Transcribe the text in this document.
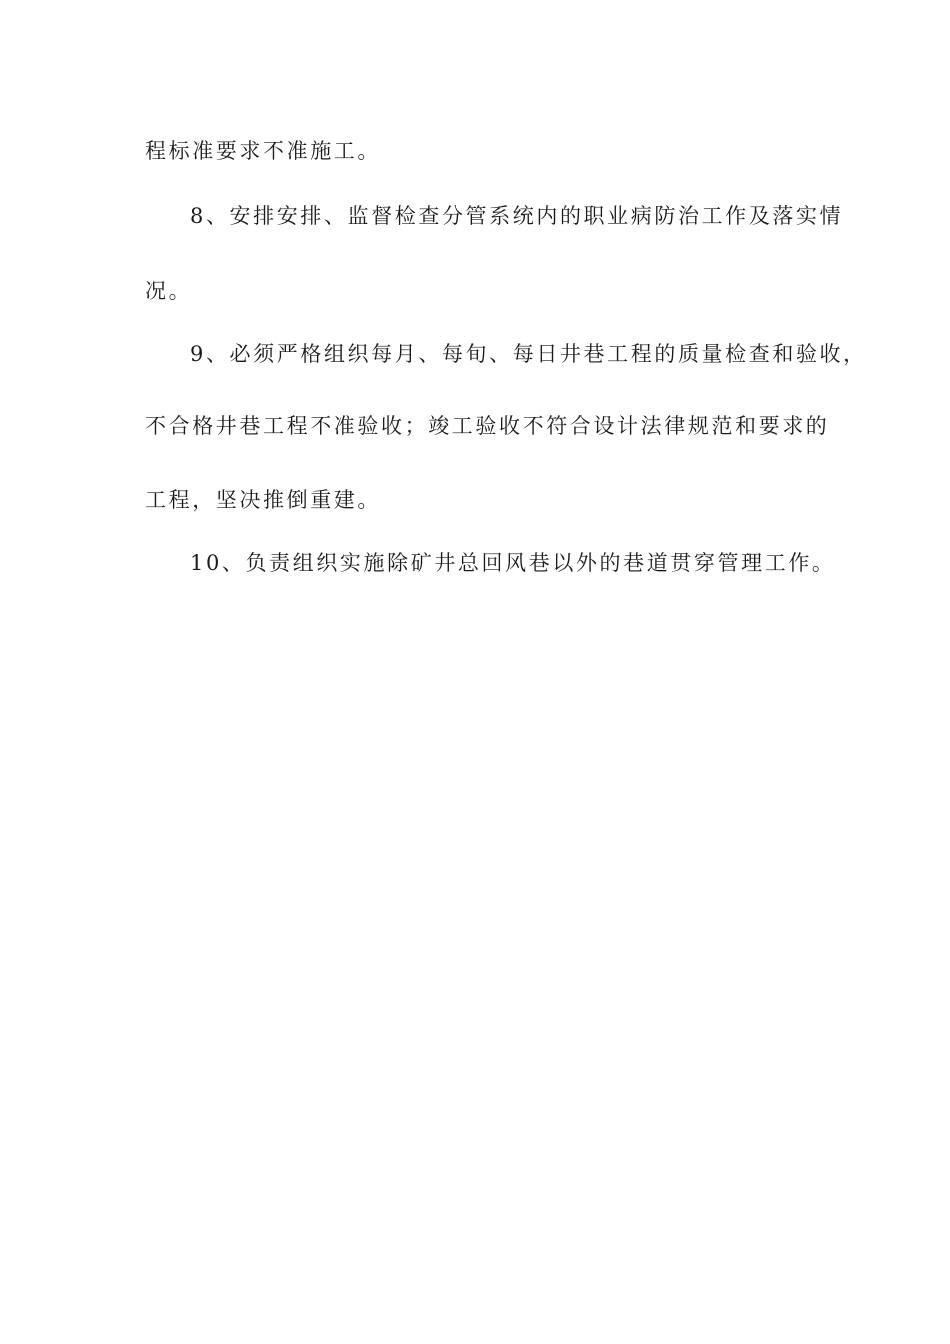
程标准要求不准施工。
8、安排安排、监督检查分管系统内的职业病防治工作及落实情
况。
9、必须严格组织每月、每旬、每日井巷工程的质量检查和验收，
不合格井巷工程不准验收；竣工验收不符合设计法律规范和要求的
工程，坚决推倒重建。
10、负责组织实施除矿井总回风巷以外的巷道贯穿管理工作。
